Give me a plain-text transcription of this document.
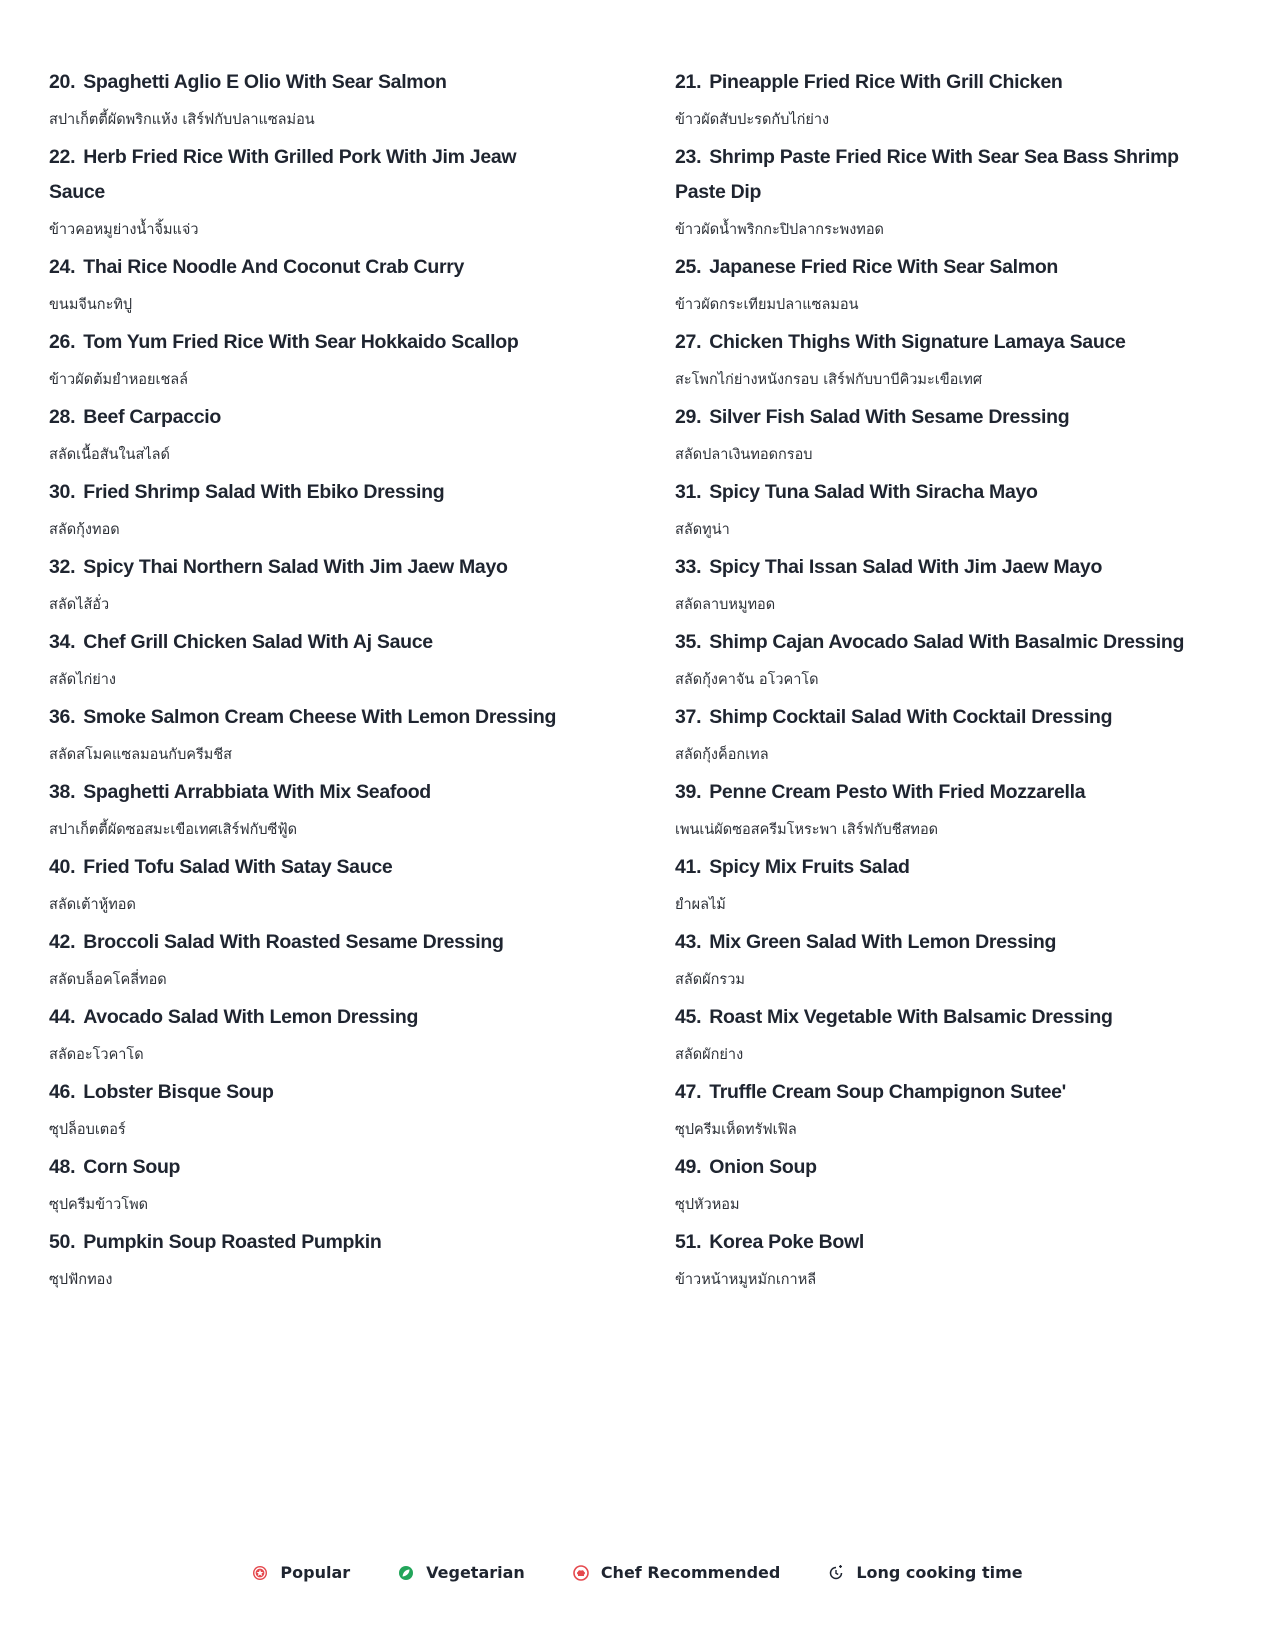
20. Spaghetti Aglio E Olio With Sear Salmon

สปาเก็ตตี้ผัดพริกแห้ง เสิร์ฟกับปลาแซลม่อน

21. Pineapple Fried Rice With Grill Chicken

ข้าวผัดสับปะรดกับไก่ย่าง

22. Herb Fried Rice With Grilled Pork With Jim Jeaw Sauce

ข้าวคอหมูย่างน้ำจิ้มแจ่ว

23. Shrimp Paste Fried Rice With Sear Sea Bass Shrimp Paste Dip

ข้าวผัดน้ำพริกกะปิปลากระพงทอด

24. Thai Rice Noodle And Coconut Crab Curry

ขนมจีนกะทิปู

25. Japanese Fried Rice With Sear Salmon

ข้าวผัดกระเทียมปลาแซลมอน

26. Tom Yum Fried Rice With Sear Hokkaido Scallop

ข้าวผัดต้มยำหอยเชลล์

27. Chicken Thighs With Signature Lamaya Sauce

สะโพกไก่ย่างหนังกรอบ เสิร์ฟกับบาบีคิวมะเขือเทศ

28. Beef Carpaccio

สลัดเนื้อสันในสไลด์

29. Silver Fish Salad With Sesame Dressing

สลัดปลาเงินทอดกรอบ

30. Fried Shrimp Salad With Ebiko Dressing

สลัดกุ้งทอด

31. Spicy Tuna Salad With Siracha Mayo

สลัดทูน่า

32. Spicy Thai Northern Salad With Jim Jaew Mayo

สลัดไส้อั่ว

33. Spicy Thai Issan Salad With Jim Jaew Mayo

สลัดลาบหมูทอด

34. Chef Grill Chicken Salad With Aj Sauce

สลัดไก่ย่าง

35. Shimp Cajan Avocado Salad With Basalmic Dressing

สลัดกุ้งคาจัน อโวคาโด

36. Smoke Salmon Cream Cheese With Lemon Dressing

สลัดสโมคแซลมอนกับครีมชีส

37. Shimp Cocktail Salad With Cocktail Dressing

สลัดกุ้งค็อกเทล

38. Spaghetti Arrabbiata With Mix Seafood

สปาเก็ตตี้ผัดซอสมะเขือเทศเสิร์ฟกับซีฟู้ด

39. Penne Cream Pesto With Fried Mozzarella

เพนเน่ผัดซอสครีมโหระพา เสิร์ฟกับชีสทอด

40. Fried Tofu Salad With Satay Sauce

สลัดเต้าหู้ทอด

41. Spicy Mix Fruits Salad

ยำผลไม้

42. Broccoli Salad With Roasted Sesame Dressing

สลัดบล็อคโคลี่ทอด

43. Mix Green Salad With Lemon Dressing

สลัดผักรวม

44. Avocado Salad With Lemon Dressing

สลัดอะโวคาโด

45. Roast Mix Vegetable With Balsamic Dressing

สลัดผักย่าง

46. Lobster Bisque Soup

ซุปล็อบเตอร์

47. Truffle Cream Soup Champignon Sutee'

ซุปครีมเห็ดทรัฟเฟิล

48. Corn Soup

ซุปครีมข้าวโพด

49. Onion Soup

ซุปหัวหอม

50. Pumpkin Soup Roasted Pumpkin

ซุปฟักทอง

51. Korea Poke Bowl

ข้าวหน้าหมูหมักเกาหลี
Popular	Vegetarian	Chef Recommended	Long cooking time
